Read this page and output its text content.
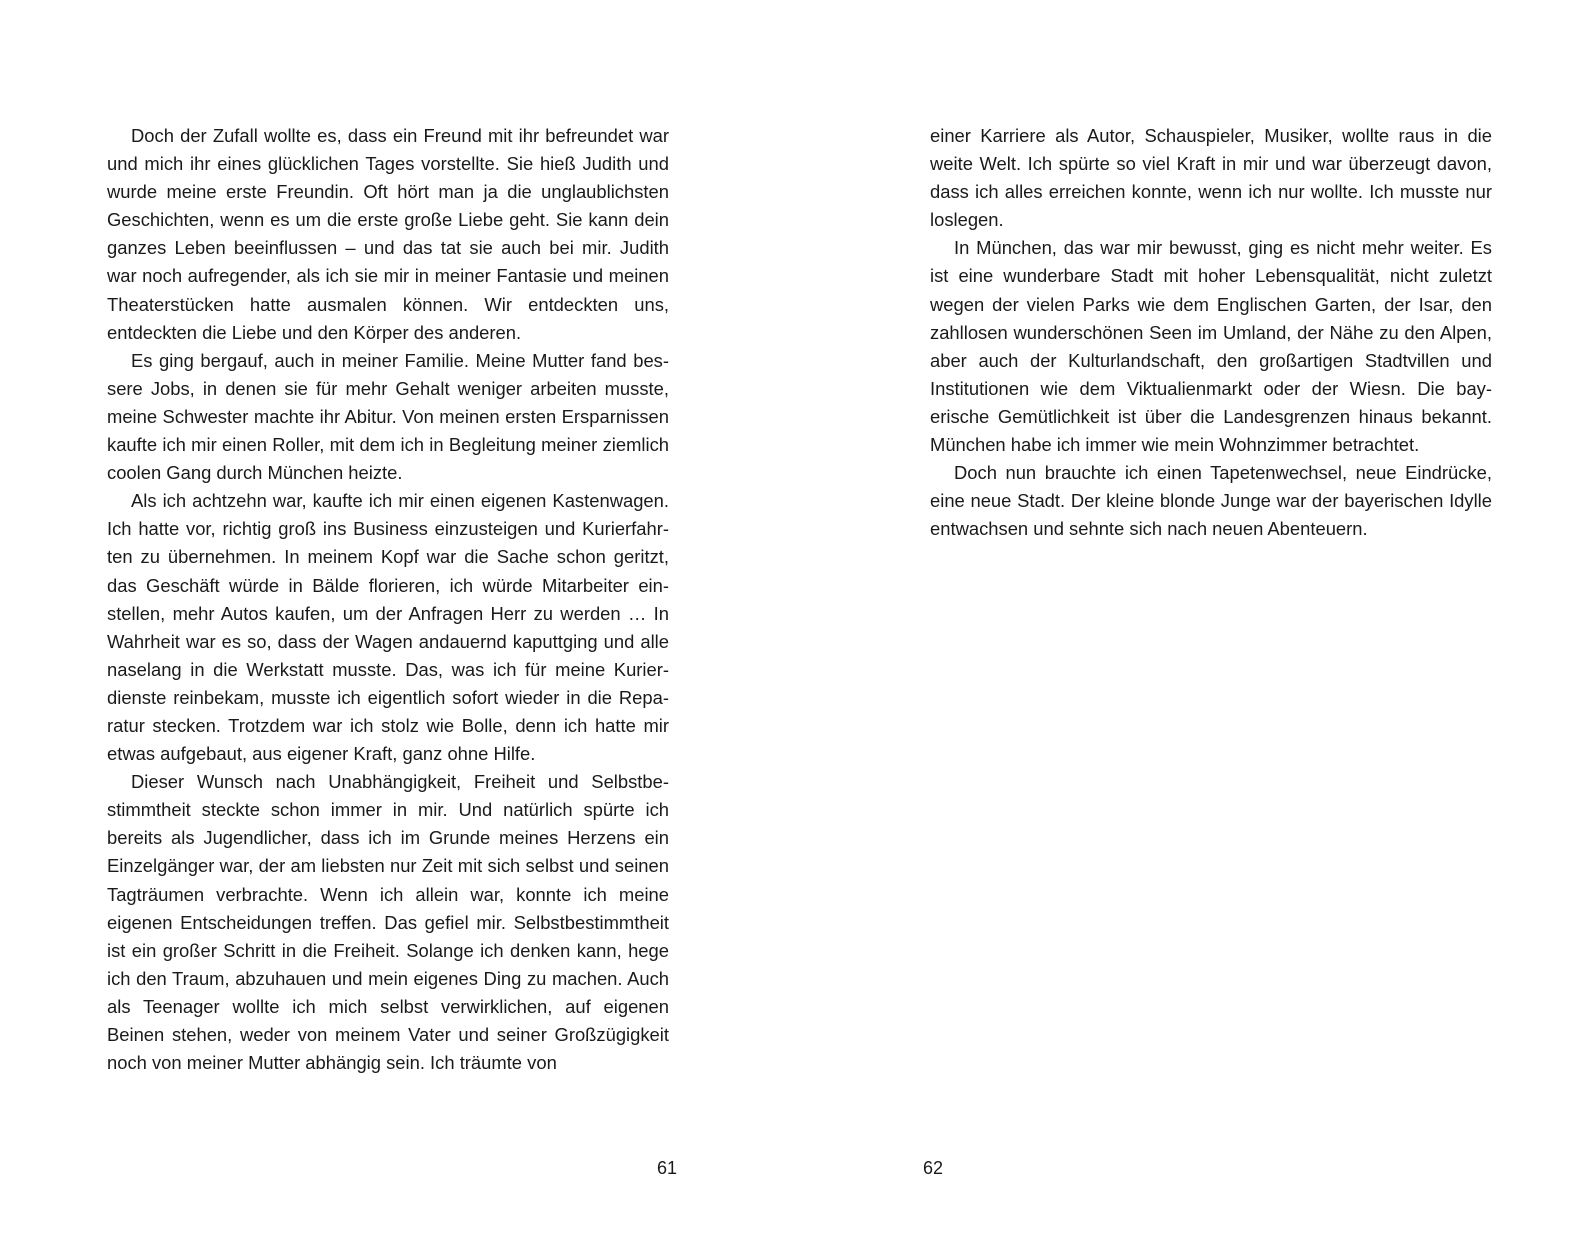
Doch der Zufall wollte es, dass ein Freund mit ihr befreundet war und mich ihr eines glücklichen Tages vorstellte. Sie hieß Judith und wurde meine erste Freundin. Oft hört man ja die unglaublichsten Geschichten, wenn es um die erste große Liebe geht. Sie kann dein ganzes Leben beeinflussen – und das tat sie auch bei mir. Judith war noch aufregender, als ich sie mir in meiner Fantasie und meinen Theaterstücken hatte ausmalen können. Wir entdeckten uns, entdeckten die Liebe und den Körper des anderen.

Es ging bergauf, auch in meiner Familie. Meine Mutter fand bessere Jobs, in denen sie für mehr Gehalt weniger arbeiten musste, meine Schwester machte ihr Abitur. Von meinen ersten Ersparnissen kaufte ich mir einen Roller, mit dem ich in Begleitung meiner ziemlich coolen Gang durch München heizte.

Als ich achtzehn war, kaufte ich mir einen eigenen Kastenwagen. Ich hatte vor, richtig groß ins Business einzusteigen und Kurierfahrten zu übernehmen. In meinem Kopf war die Sache schon geritzt, das Geschäft würde in Bälde florieren, ich würde Mitarbeiter einstellen, mehr Autos kaufen, um der Anfragen Herr zu werden … In Wahrheit war es so, dass der Wagen andauernd kaputtging und alle naselang in die Werkstatt musste. Das, was ich für meine Kurierdienste reinbekam, musste ich eigentlich sofort wieder in die Reparatur stecken. Trotzdem war ich stolz wie Bolle, denn ich hatte mir etwas aufgebaut, aus eigener Kraft, ganz ohne Hilfe.

Dieser Wunsch nach Unabhängigkeit, Freiheit und Selbstbestimmtheit steckte schon immer in mir. Und natürlich spürte ich bereits als Jugendlicher, dass ich im Grunde meines Herzens ein Einzelgänger war, der am liebsten nur Zeit mit sich selbst und seinen Tagträumen verbrachte. Wenn ich allein war, konnte ich meine eigenen Entscheidungen treffen. Das gefiel mir. Selbstbestimmtheit ist ein großer Schritt in die Freiheit. Solange ich denken kann, hege ich den Traum, abzuhauen und mein eigenes Ding zu machen. Auch als Teenager wollte ich mich selbst verwirklichen, auf eigenen Beinen stehen, weder von meinem Vater und seiner Großzügigkeit noch von meiner Mutter abhängig sein. Ich träumte von

61

einer Karriere als Autor, Schauspieler, Musiker, wollte raus in die weite Welt. Ich spürte so viel Kraft in mir und war überzeugt davon, dass ich alles erreichen konnte, wenn ich nur wollte. Ich musste nur loslegen.

In München, das war mir bewusst, ging es nicht mehr weiter. Es ist eine wunderbare Stadt mit hoher Lebensqualität, nicht zuletzt wegen der vielen Parks wie dem Englischen Garten, der Isar, den zahllosen wunderschönen Seen im Umland, der Nähe zu den Alpen, aber auch der Kulturlandschaft, den großartigen Stadtvillen und Institutionen wie dem Viktualienmarkt oder der Wiesn. Die bayerische Gemütlichkeit ist über die Landesgrenzen hinaus bekannt. München habe ich immer wie mein Wohnzimmer betrachtet.

Doch nun brauchte ich einen Tapetenwechsel, neue Eindrücke, eine neue Stadt. Der kleine blonde Junge war der bayerischen Idylle entwachsen und sehnte sich nach neuen Abenteuern.

62
